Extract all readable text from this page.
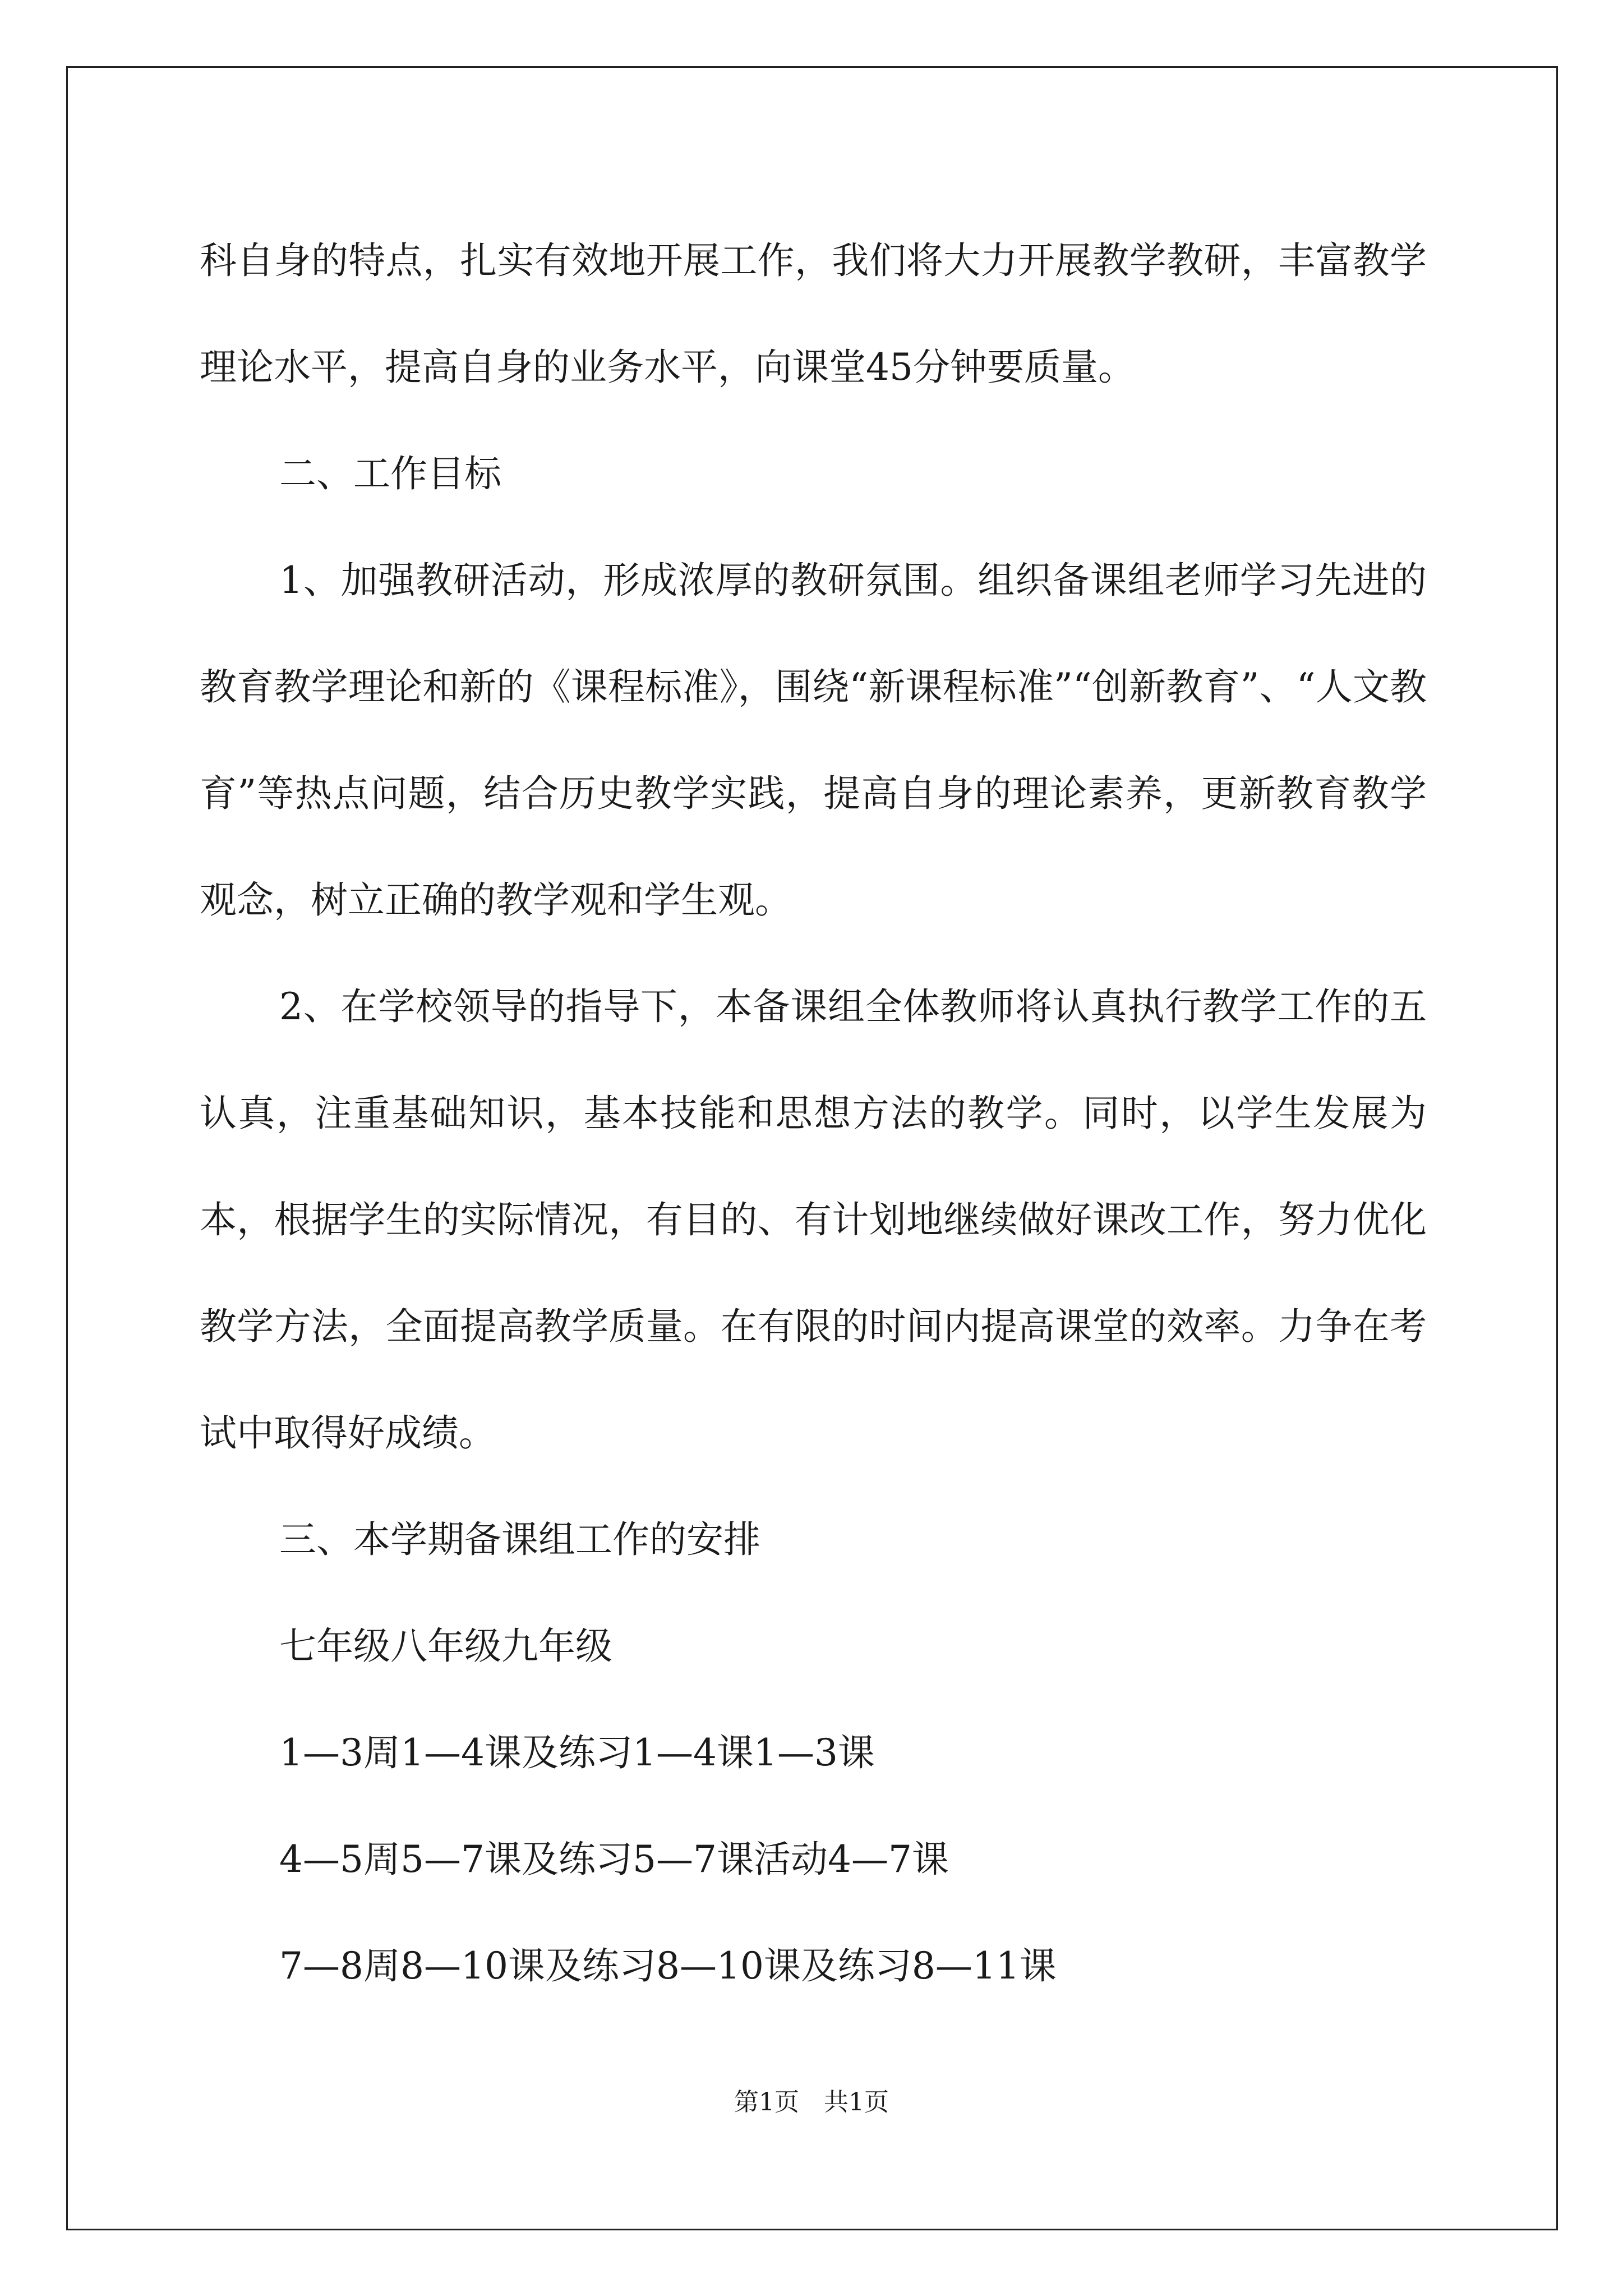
科自身的特点，扎实有效地开展工作，我们将大力开展教学教研，丰富教学理论水平，提高自身的业务水平，向课堂45分钟要质量。

二、工作目标

1、加强教研活动，形成浓厚的教研氛围。组织备课组老师学习先进的教育教学理论和新的《课程标准》，围绕“新课程标准”“创新教育”、“人文教育”等热点问题，结合历史教学实践，提高自身的理论素养，更新教育教学观念，树立正确的教学观和学生观。

2、在学校领导的指导下，本备课组全体教师将认真执行教学工作的五认真，注重基础知识，基本技能和思想方法的教学。同时，以学生发展为本，根据学生的实际情况，有目的、有计划地继续做好课改工作，努力优化教学方法，全面提高教学质量。在有限的时间内提高课堂的效率。力争在考试中取得好成绩。

三、本学期备课组工作的安排

七年级八年级九年级

1—3周1—4课及练习1—4课1—3课

4—5周5—7课及练习5—7课活动4—7课

7—8周8—10课及练习8—10课及练习8—11课

第1页　共1页
